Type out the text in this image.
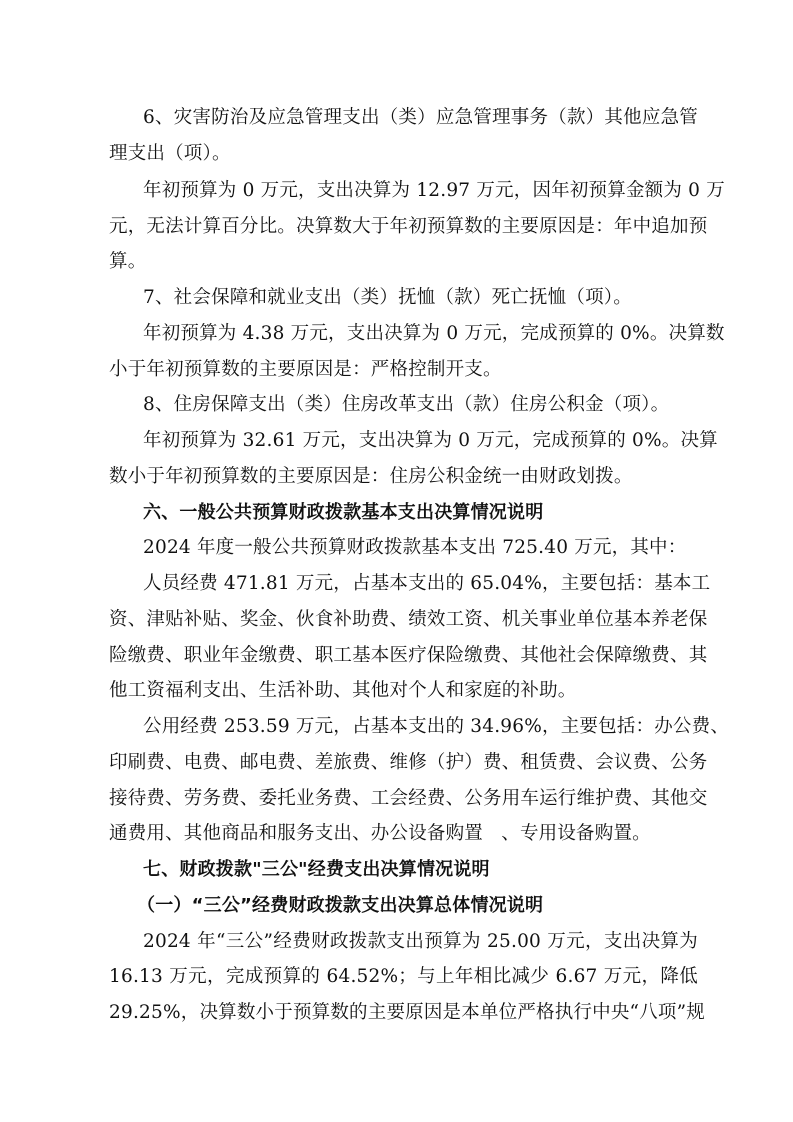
6、灾害防治及应急管理支出（类）应急管理事务（款）其他应急管
理支出（项）。
年初预算为 0 万元，支出决算为 12.97 万元，因年初预算金额为 0 万
元，无法计算百分比。决算数大于年初预算数的主要原因是：年中追加预
算。
7、社会保障和就业支出（类）抚恤（款）死亡抚恤（项）。
年初预算为 4.38 万元，支出决算为 0 万元，完成预算的 0%。决算数
小于年初预算数的主要原因是：严格控制开支。
8、住房保障支出（类）住房改革支出（款）住房公积金（项）。
年初预算为 32.61 万元，支出决算为 0 万元，完成预算的 0%。决算
数小于年初预算数的主要原因是：住房公积金统一由财政划拨。
六、一般公共预算财政拨款基本支出决算情况说明
2024 年度一般公共预算财政拨款基本支出 725.40 万元，其中：
人员经费 471.81 万元，占基本支出的 65.04%，主要包括：基本工
资、津贴补贴、奖金、伙食补助费、绩效工资、机关事业单位基本养老保
险缴费、职业年金缴费、职工基本医疗保险缴费、其他社会保障缴费、其
他工资福利支出、生活补助、其他对个人和家庭的补助。
公用经费 253.59 万元，占基本支出的 34.96%，主要包括：办公费、
印刷费、电费、邮电费、差旅费、维修（护）费、租赁费、会议费、公务
接待费、劳务费、委托业务费、工会经费、公务用车运行维护费、其他交
通费用、其他商品和服务支出、办公设备购置   、专用设备购置。
七、财政拨款"三公"经费支出决算情况说明
（一）“三公”经费财政拨款支出决算总体情况说明
2024 年“三公”经费财政拨款支出预算为 25.00 万元，支出决算为
16.13 万元，完成预算的 64.52%；与上年相比减少 6.67 万元，降低
29.25%，决算数小于预算数的主要原因是本单位严格执行中央“八项”规
